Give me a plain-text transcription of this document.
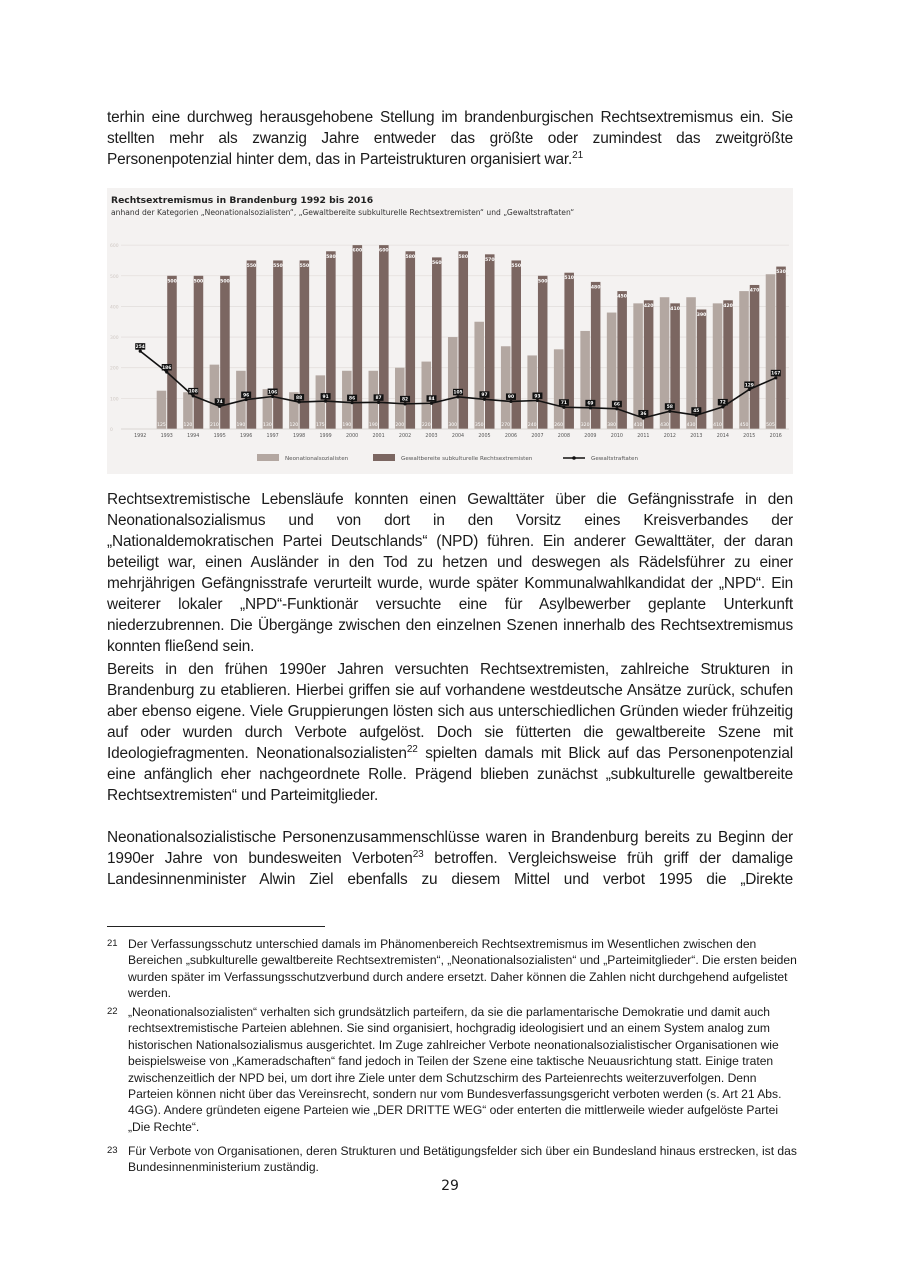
terhin eine durchweg herausgehobene Stellung im brandenburgischen Rechtsextremismus ein. Sie stellten mehr als zwanzig Jahre entweder das größte oder zumindest das zweitgrößte Personenpotenzial hinter dem, das in Parteistrukturen organisiert war.$^{21}$

Rechtsextremismus in Brandenburg 1992 bis 2016
anhand der Kategorien „Neonationalsozialisten“, „Gewaltbereite subkulturelle Rechtsextremisten“ und „Gewaltstraftaten“
0
100
200
300
400
500
600
125
500
120
500
210
500
190
550
130
550
120
550
175
580
190
600
190
600
200
580
220
560
300
580
350
570
270
550
240
500
260
510
320
480
380
450
410
420
430
410
430
390
410
420
450
470
505
530
254
186
108
74
96
106
88	91	86	87	82	84
105	97	90	93
71	69	66
36
58
45
72
129
167
1992	1993	1994	1995	1996	1997	1998	1999	2000	2001	2002	2003	2004	2005	2006	2007	2008	2009	2010	2011	2012	2013	2014	2015	2016
Neonationalsozialisten	Gewaltbereite subkulturelle Rechtsextremisten	Gewaltstraftaten

Rechtsextremistische Lebensläufe konnten einen Gewalttäter über die Gefängnisstrafe in den Neonationalsozialismus und von dort in den Vorsitz eines Kreisverbandes der „Nationaldemokratischen Partei Deutschlands“ (NPD) führen. Ein anderer Gewalttäter, der daran beteiligt war, einen Ausländer in den Tod zu hetzen und deswegen als Rädelsführer zu einer mehrjährigen Gefängnisstrafe verurteilt wurde, wurde später Kommunalwahlkandidat der „NPD“. Ein weiterer lokaler „NPD“-Funktionär versuchte eine für Asylbewerber geplante Unterkunft niederzubrennen. Die Übergänge zwischen den einzelnen Szenen innerhalb des Rechtsextremismus konnten fließend sein.

Bereits in den frühen 1990er Jahren versuchten Rechtsextremisten, zahlreiche Strukturen in Brandenburg zu etablieren. Hierbei griffen sie auf vorhandene westdeutsche Ansätze zurück, schufen aber ebenso eigene. Viele Gruppierungen lösten sich aus unterschiedlichen Gründen wieder frühzeitig auf oder wurden durch Verbote aufgelöst. Doch sie fütterten die gewaltbereite Szene mit Ideologiefragmenten. Neonationalsozialisten$^{22}$ spielten damals mit Blick auf das Personenpotenzial eine anfänglich eher nachgeordnete Rolle. Prägend blieben zunächst „subkulturelle gewaltbereite Rechtsextremisten“ und Parteimitglieder.

Neonationalsozialistische Personenzusammenschlüsse waren in Brandenburg bereits zu Beginn der 1990er Jahre von bundesweiten Verboten$^{23}$ betroffen. Vergleichsweise früh griff der damalige Landesinnenminister Alwin Ziel ebenfalls zu diesem Mittel und verbot 1995 die „Direkte

21 Der Verfassungsschutz unterschied damals im Phänomenbereich Rechtsextremismus im Wesentlichen zwischen den Bereichen „subkulturelle gewaltbereite Rechtsextremisten“, „Neonationalsozialisten“ und „Parteimitglieder“. Die ersten beiden wurden später im Verfassungsschutzverbund durch andere ersetzt. Daher können die Zahlen nicht durchgehend aufgelistet werden.
22 „Neonationalsozialisten“ verhalten sich grundsätzlich parteifern, da sie die parlamentarische Demokratie und damit auch rechtsextremistische Parteien ablehnen. Sie sind organisiert, hochgradig ideologisiert und an einem System analog zum historischen Nationalsozialismus ausgerichtet. Im Zuge zahlreicher Verbote neonationalsozialistischer Organisationen wie beispielsweise von „Kameradschaften“ fand jedoch in Teilen der Szene eine taktische Neuausrichtung statt. Einige traten zwischenzeitlich der NPD bei, um dort ihre Ziele unter dem Schutzschirm des Parteienrechts weiterzuverfolgen. Denn Parteien können nicht über das Vereinsrecht, sondern nur vom Bundesverfassungsgericht verboten werden (s. Art 21 Abs. 4GG). Andere gründeten eigene Parteien wie „DER DRITTE WEG“ oder enterten die mittlerweile wieder aufgelöste Partei „Die Rechte“.
23 Für Verbote von Organisationen, deren Strukturen und Betätigungsfelder sich über ein Bundesland hinaus erstrecken, ist das Bundesinnenministerium zuständig.
29
